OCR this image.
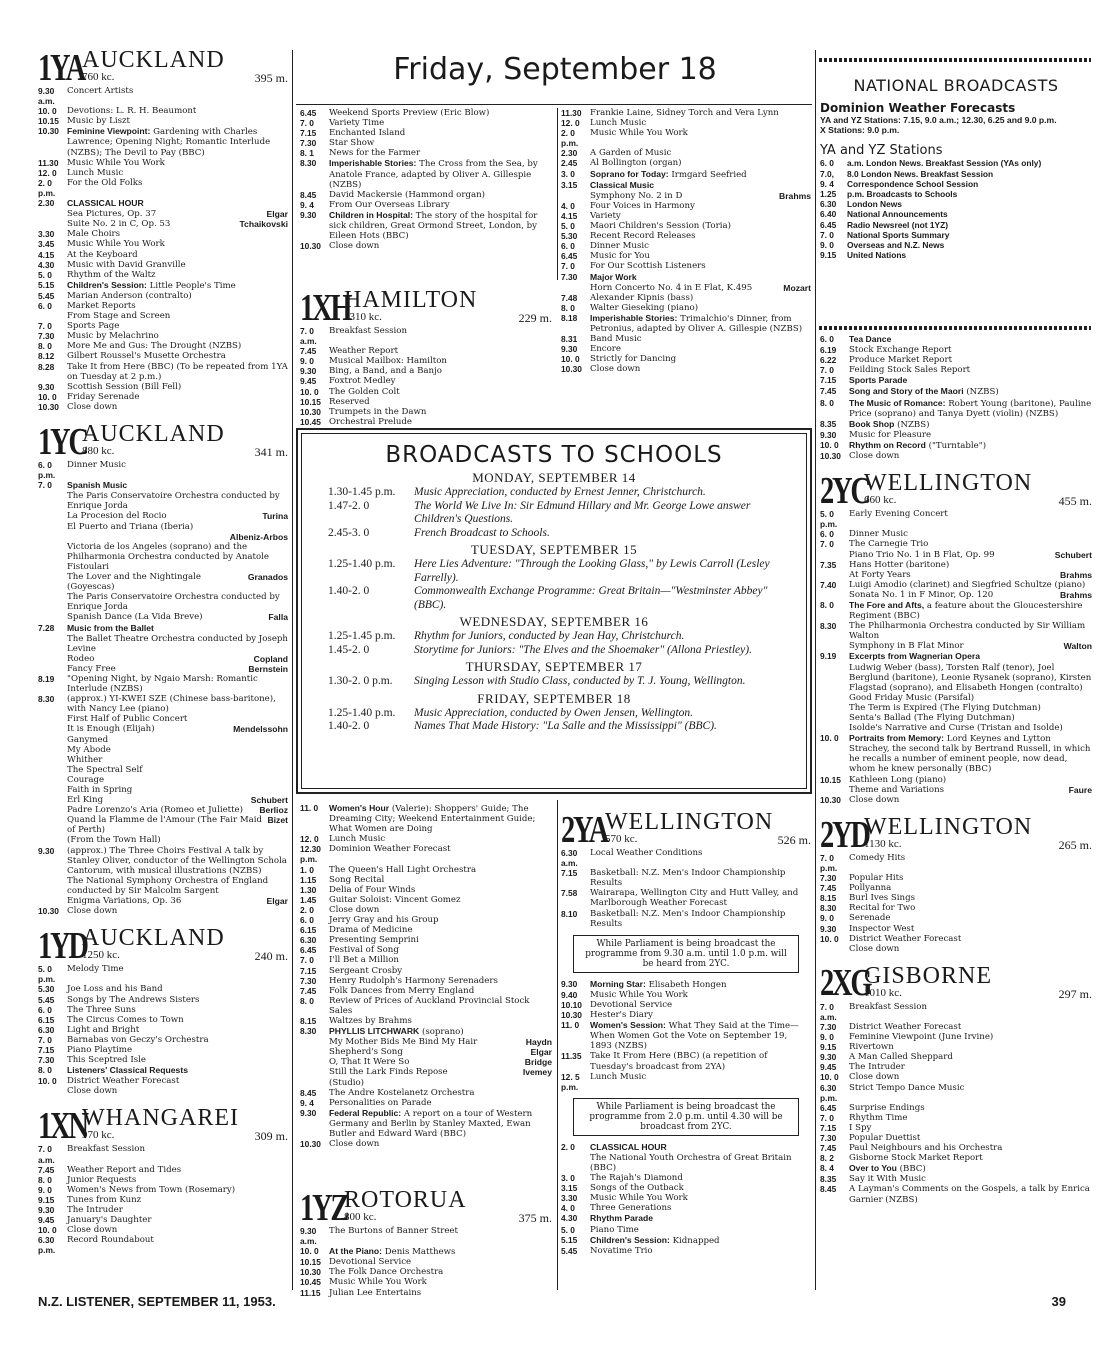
1YA
AUCKLAND
760 kc.	395 m.
9.30 a.m.
Concert Artists
10. 0	Devotions: L. R. H. Beaumont
10.15 Music by Liszt
10.30 Feminine Viewpoint: Gardening with Charles Lawrence; Opening Night; Romantic Interlude (NZBS); The Devil to Pay (BBC)
11.30 Music While You Work
12. 0	Lunch Music
2. 0 p.m.
For the Old Folks
2.30	CLASSICAL HOUR
Elgar
Sea Pictures, Op. 37
Tchaikovski
Suite No. 2 in C, Op. 53
3.30	Male Choirs
3.45	Music While You Work
4.15	At the Keyboard
4.30	Music with David Granville
5. 0	Rhythm of the Waltz
5.15	Children's Session: Little People's Time
5.45	Marian Anderson (contralto)
6. 0	Market Reports
From Stage and Screen
7. 0	Sports Page
7.30	Music by Melachrino
8. 0	More Me and Gus: The Drought (NZBS)
8.12	Gilbert Roussel's Musette Orchestra
8.28	Take It from Here (BBC) (To be repeated from 1YA on Tuesday at 2 p.m.)
9.30	Scottish Session (Bill Fell)
10. 0	Friday Serenade
10.30 Close down
1YC
AUCKLAND
880 kc.	341 m.
6. 0 p.m.
Dinner Music
7. 0	Spanish Music
The Paris Conservatoire Orchestra conducted by Enrique Jorda
Turina
La Procesion del Rocio
El Puerto and Triana (Iberia)
Albeniz-Arbos
Victoria de los Angeles (soprano) and the Philharmonia Orchestra conducted by Anatole Fistoulari
Granados
The Lover and the Nightingale (Goyescas)
The Paris Conservatoire Orchestra conducted by Enrique Jorda
Falla
Spanish Dance (La Vida Breve)
7.28	Music from the Ballet
The Ballet Theatre Orchestra conducted by Joseph Levine
Copland
Rodeo
Bernstein
Fancy Free
8.19	"Opening Night, by Ngaio Marsh: Romantic Interlude (NZBS)
8.30	(approx.) YI-KWEI SZE (Chinese bass-baritone), with Nancy Lee (piano)
First Half of Public Concert
Mendelssohn
It is Enough (Elijah)
Ganymed
My Abode
Whither
The Spectral Self
Courage
Faith in Spring
Schubert
Erl King
Berlioz
Padre Lorenzo's Aria (Romeo et Juliette)
Bizet
Quand la Flamme de l'Amour (The Fair Maid of Perth)
(From the Town Hall)
9.30	(approx.) The Three Choirs Festival A talk by Stanley Oliver, conductor of the Wellington Schola Cantorum, with musical illustrations (NZBS)
The National Symphony Orchestra of England conducted by Sir Malcolm Sargent
Elgar
Enigma Variations, Op. 36
10.30 Close down
1YD
AUCKLAND
1250 kc.	240 m.
5. 0 p.m.
Melody Time
5.30	Joe Loss and his Band
5.45	Songs by The Andrews Sisters
6. 0	The Three Suns
6.15	The Circus Comes to Town
6.30	Light and Bright
7. 0	Barnabas von Geczy's Orchestra
7.15	Piano Playtime
7.30	This Sceptred Isle
8. 0	Listeners' Classical Requests
10. 0	District Weather Forecast
Close down
1XN
WHANGAREI
970 kc.	309 m.
7. 0 a.m.
Breakfast Session
7.45	Weather Report and Tides
8. 0	Junior Requests
9. 0	Women's News from Town (Rosemary)
9.15	Tunes from Kunz
9.30	The Intruder
9.45	January's Daughter
10. 0	Close down
6.30 p.m.
Record Roundabout
Friday, September 18
6.45	Weekend Sports Preview (Eric Blow)
7. 0	Variety Time
7.15	Enchanted Island
7.30	Star Show
8. 1	News for the Farmer
8.30	Imperishable Stories: The Cross from the Sea, by Anatole France, adapted by Oliver A. Gillespie (NZBS)
8.45	David Mackersie (Hammond organ)
9. 4	From Our Overseas Library
9.30	Children in Hospital: The story of the hospital for sick children, Great Ormond Street, London, by Eileen Hots (BBC)
10.30 Close down
11.30 Frankie Laine, Sidney Torch and Vera Lynn
12. 0	Lunch Music
2. 0 p.m.
Music While You Work
2.30	A Garden of Music
2.45	Al Bollington (organ)
3. 0	Soprano for Today: Irmgard Seefried
3.15	Classical Music
Brahms
Symphony No. 2 in D
4. 0	Four Voices in Harmony
4.15	Variety
5. 0	Maori Children's Session (Toria)
5.30	Recent Record Releases
6. 0	Dinner Music
6.45	Music for You
7. 0	For Our Scottish Listeners
7.30	Major Work
Mozart
Horn Concerto No. 4 in E Flat, K.495
7.48	Alexander Kipnis (bass)
8. 0	Walter Gieseking (piano)
8.18	Imperishable Stories: Trimalchio's Dinner, from Petronius, adapted by Oliver A. Gillespie (NZBS)
8.31	Band Music
9.30	Encore
10. 0	Strictly for Dancing
10.30 Close down
1XH
HAMILTON
1310 kc.	229 m.
7. 0 a.m.
Breakfast Session
7.45	Weather Report
9. 0	Musical Mailbox: Hamilton
9.30	Bing, a Band, and a Banjo
9.45	Foxtrot Medley
10. 0	The Golden Colt
10.15 Reserved
10.30 Trumpets in the Dawn
10.45 Orchestral Prelude
BROADCASTS TO SCHOOLS
MONDAY, SEPTEMBER 14
1.30-1.45 p.m.	Music Appreciation, conducted by Ernest Jenner, Christchurch.
1.47-2. 0	The World We Live In: Sir Edmund Hillary and Mr. George Lowe answer Children's Questions.
2.45-3. 0	French Broadcast to Schools.
TUESDAY, SEPTEMBER 15
1.25-1.40 p.m.	Here Lies Adventure: "Through the Looking Glass," by Lewis Carroll (Lesley Farrelly).
1.40-2. 0	Commonwealth Exchange Programme: Great Britain—"Westminster Abbey" (BBC).
WEDNESDAY, SEPTEMBER 16
1.25-1.45 p.m.	Rhythm for Juniors, conducted by Jean Hay, Christchurch.
1.45-2. 0	Storytime for Juniors: "The Elves and the Shoemaker" (Allona Priestley).
THURSDAY, SEPTEMBER 17
1.30-2. 0 p.m.	Singing Lesson with Studio Class, conducted by T. J. Young, Wellington.
FRIDAY, SEPTEMBER 18
1.25-1.40 p.m.	Music Appreciation, conducted by Owen Jensen, Wellington.
1.40-2. 0	Names That Made History: "La Salle and the Mississippi" (BBC).
11. 0	Women's Hour (Valerie): Shoppers' Guide; The Dreaming City; Weekend Entertainment Guide; What Women are Doing
12. 0	Lunch Music
12.30 p.m.
Dominion Weather Forecast
1. 0	The Queen's Hall Light Orchestra
1.15	Song Recital
1.30	Delia of Four Winds
1.45	Guitar Soloist: Vincent Gomez
2. 0	Close down
6. 0	Jerry Gray and his Group
6.15	Drama of Medicine
6.30	Presenting Semprini
6.45	Festival of Song
7. 0	I'll Bet a Million
7.15	Sergeant Crosby
7.30	Henry Rudolph's Harmony Serenaders
7.45	Folk Dances from Merry England
8. 0	Review of Prices of Auckland Provincial Stock Sales
8.15	Waltzes by Brahms
8.30	PHYLLIS LITCHWARK (soprano)
Haydn
My Mother Bids Me Bind My Hair
Elgar
Shepherd's Song
Bridge
O, That It Were So
Ivemey
Still the Lark Finds Repose
(Studio)
8.45	The Andre Kostelanetz Orchestra
9. 4	Personalities on Parade
9.30	Federal Republic: A report on a tour of Western Germany and Berlin by Stanley Maxted, Ewan Butler and Edward Ward (BBC)
10.30 Close down
1YZ
ROTORUA
800 kc.	375 m.
9.30 a.m.
The Burtons of Banner Street
10. 0	At the Piano: Denis Matthews
10.15 Devotional Service
10.30 The Folk Dance Orchestra
10.45 Music While You Work
11.15 Julian Lee Entertains
2YA
WELLINGTON
570 kc.	526 m.
6.30 a.m.
Local Weather Conditions
7.15	Basketball: N.Z. Men's Indoor Championship Results
7.58	Wairarapa, Wellington City and Hutt Valley, and Marlborough Weather Forecast
8.10	Basketball: N.Z. Men's Indoor Championship Results
While Parliament is being broadcast the programme from 9.30 a.m. until 1.0 p.m. will be heard from 2YC.
9.30	Morning Star: Elisabeth Hongen
9.40	Music While You Work
10.10 Devotional Service
10.30 Hester's Diary
11. 0	Women's Session: What They Said at the Time—When Women Got the Vote on September 19, 1893 (NZBS)
11.35 Take It From Here (BBC) (a repetition of Tuesday's broadcast from 2YA)
12. 5 p.m.
Lunch Music
While Parliament is being broadcast the programme from 2.0 p.m. until 4.30 will be broadcast from 2YC.
2. 0	CLASSICAL HOUR
The National Youth Orchestra of Great Britain (BBC)
3. 0	The Rajah's Diamond
3.15	Songs of the Outback
3.30	Music While You Work
4. 0	Three Generations
4.30	Rhythm Parade
5. 0	Piano Time
5.15	Children's Session: Kidnapped
5.45	Novatime Trio
NATIONAL BROADCASTS
Dominion Weather Forecasts
YA and YZ Stations: 7.15, 9.0 a.m.; 12.30, 6.25 and 9.0 p.m.
X Stations: 9.0 p.m.
YA and YZ Stations
6. 0	a.m. London News. Breakfast Session (YAs only)
7.0,	8.0 London News. Breakfast Session
9. 4	Correspondence School Session
1.25	p.m. Broadcasts to Schools
6.30	London News
6.40	National Announcements
6.45	Radio Newsreel (not 1YZ)
7. 0	National Sports Summary
9. 0	Overseas and N.Z. News
9.15	United Nations
6. 0	Tea Dance
6.19	Stock Exchange Report
6.22	Produce Market Report
7. 0	Feilding Stock Sales Report
7.15	Sports Parade
7.45	Song and Story of the Maori (NZBS)
8. 0	The Music of Romance: Robert Young (baritone), Pauline Price (soprano) and Tanya Dyett (violin) (NZBS)
8.35	Book Shop (NZBS)
9.30	Music for Pleasure
10. 0	Rhythm on Record ("Turntable")
10.30 Close down
2YC
WELLINGTON
660 kc.	455 m.
5. 0 p.m.
Early Evening Concert
6. 0	Dinner Music
7. 0	The Carnegie Trio
Schubert
Piano Trio No. 1 in B Flat, Op. 99
7.35	Hans Hotter (baritone)
Brahms
At Forty Years
7.40	Luigi Amodio (clarinet) and Siegfried Schultze (piano)
Brahms
Sonata No. 1 in F Minor, Op. 120
8. 0	The Fore and Afts, a feature about the Gloucestershire Regiment (BBC)
8.30	The Philharmonia Orchestra conducted by Sir William Walton
Walton
Symphony in B Flat Minor
9.19	Excerpts from Wagnerian Opera
Ludwig Weber (bass), Torsten Ralf (tenor), Joel Berglund (baritone), Leonie Rysanek (soprano), Kirsten Flagstad (soprano), and Elisabeth Hongen (contralto)
Good Friday Music (Parsifal)
The Term is Expired (The Flying Dutchman)
Senta's Ballad (The Flying Dutchman)
Isolde's Narrative and Curse (Tristan and Isolde)
10. 0	Portraits from Memory: Lord Keynes and Lytton Strachey, the second talk by Bertrand Russell, in which he recalls a number of eminent people, now dead, whom he knew personally (BBC)
10.15 Kathleen Long (piano)
Faure
Theme and Variations
10.30 Close down
2YD
WELLINGTON
1130 kc.	265 m.
7. 0 p.m.
Comedy Hits
7.30	Popular Hits
7.45	Pollyanna
8.15	Burl Ives Sings
8.30	Recital for Two
9. 0	Serenade
9.30	Inspector West
10. 0	District Weather Forecast
Close down
2XG
GISBORNE
1010 kc.	297 m.
7. 0 a.m.
Breakfast Session
7.30	District Weather Forecast
9. 0	Feminine Viewpoint (June Irvine)
9.15	Rivertown
9.30	A Man Called Sheppard
9.45	The Intruder
10. 0	Close down
6.30 p.m.
Strict Tempo Dance Music
6.45	Surprise Endings
7. 0	Rhythm Time
7.15	I Spy
7.30	Popular Duettist
7.45	Paul Neighbours and his Orchestra
8. 2	Gisborne Stock Market Report
8. 4	Over to You (BBC)
8.35	Say it With Music
8.45	A Layman's Comments on the Gospels, a talk by Enrica Garnier (NZBS)
N.Z. LISTENER, SEPTEMBER 11, 1953.	39
